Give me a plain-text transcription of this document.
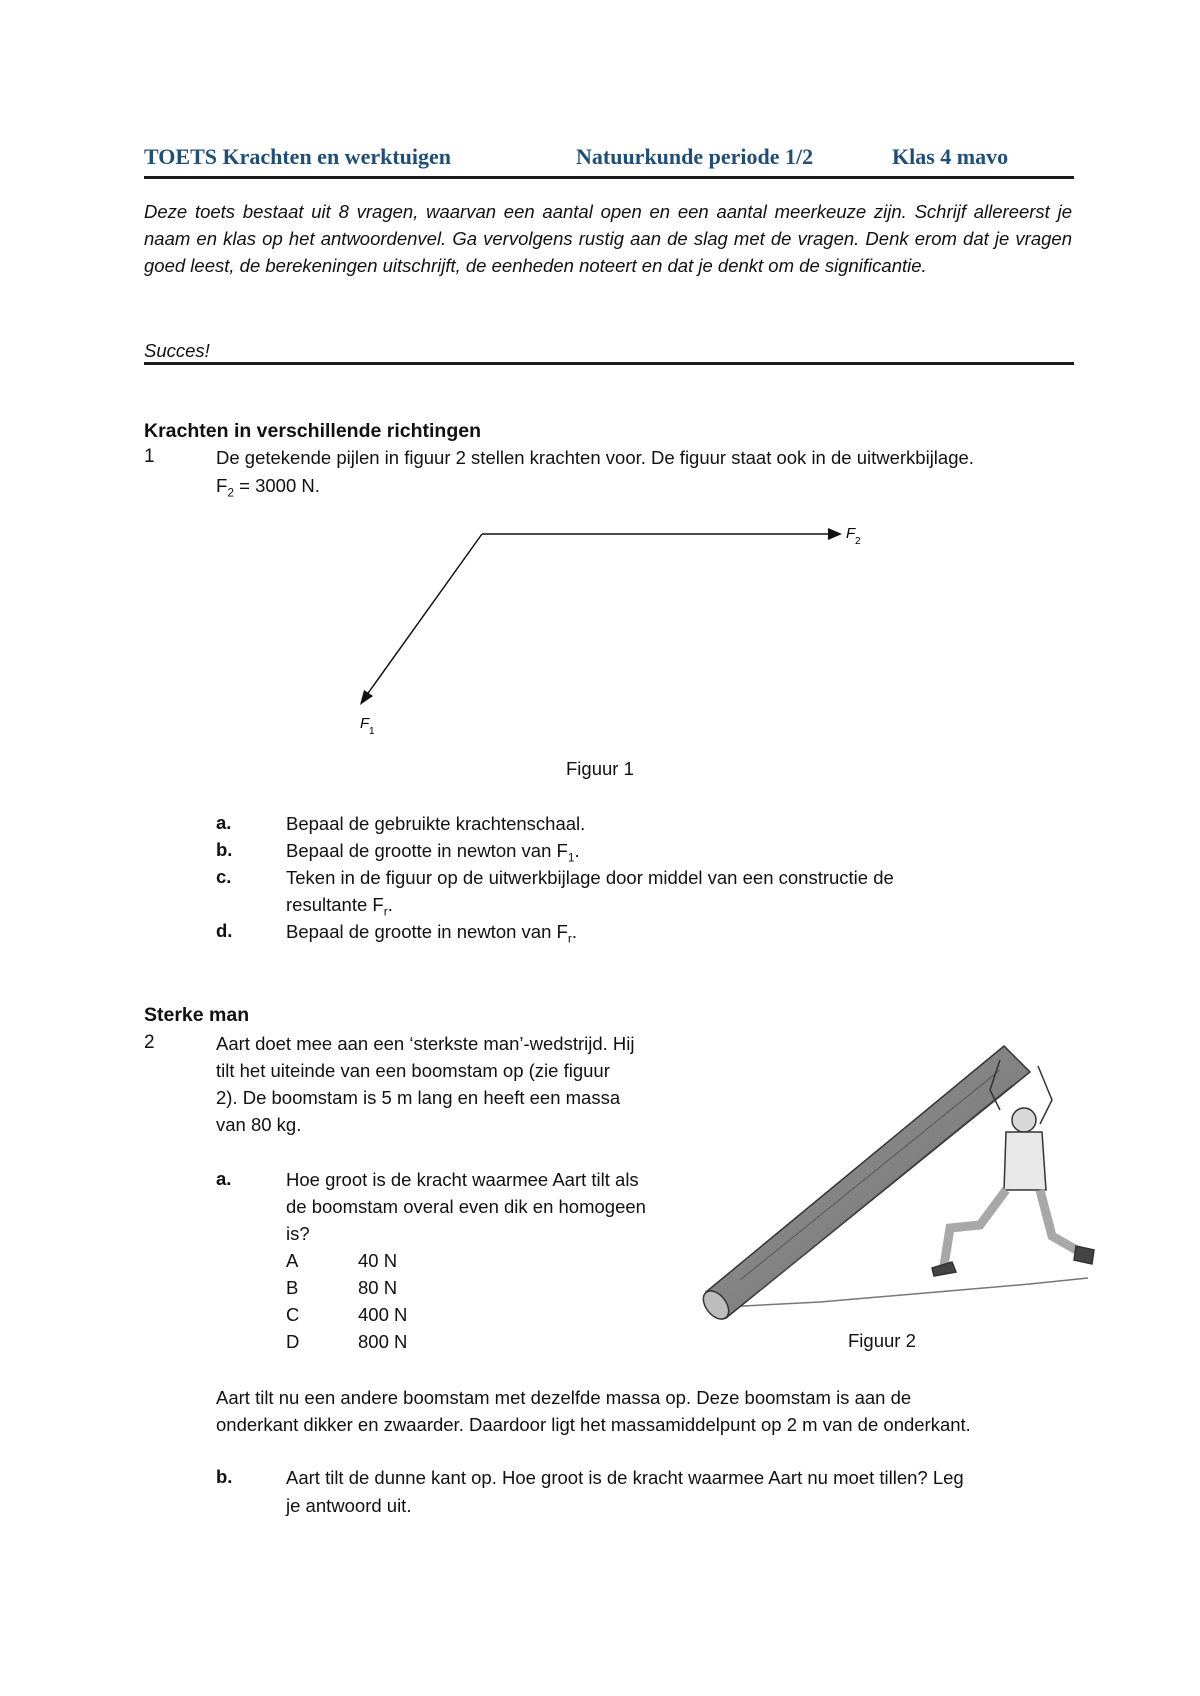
TOETS Krachten en werktuigen	Natuurkunde periode 1/2	Klas 4 mavo
Deze toets bestaat uit 8 vragen, waarvan een aantal open en een aantal meerkeuze zijn. Schrijf allereerst je naam en klas op het antwoordenvel. Ga vervolgens rustig aan de slag met de vragen. Denk erom dat je vragen goed leest, de berekeningen uitschrijft, de eenheden noteert en dat je denkt om de significantie.
Succes!
Krachten in verschillende richtingen
1	De getekende pijlen in figuur 2 stellen krachten voor. De figuur staat ook in de uitwerkbijlage.
$F_2 = 3000$ N.
F 2
F 1
Figuur 1
a.	Bepaal de gebruikte krachtenschaal.
b.	Bepaal de grootte in newton van $F_1$.
c.	Teken in de figuur op de uitwerkbijlage door middel van een constructie de
resultante $F_r$.
d.	Bepaal de grootte in newton van $F_r$.
Sterke man
2	Aart doet mee aan een ‘sterkste man’-wedstrijd. Hij
tilt het uiteinde van een boomstam op (zie figuur
2). De boomstam is 5 m lang en heeft een massa
van 80 kg.
a.	Hoe groot is de kracht waarmee Aart tilt als
de boomstam overal even dik en homogeen
is?
A	40 N
B	80 N
C	400 N
D	800 N	Figuur 2
Aart tilt nu een andere boomstam met dezelfde massa op. Deze boomstam is aan de
onderkant dikker en zwaarder. Daardoor ligt het massamiddelpunt op 2 m van de onderkant.
b.	Aart tilt de dunne kant op. Hoe groot is de kracht waarmee Aart nu moet tillen? Leg
je antwoord uit.
